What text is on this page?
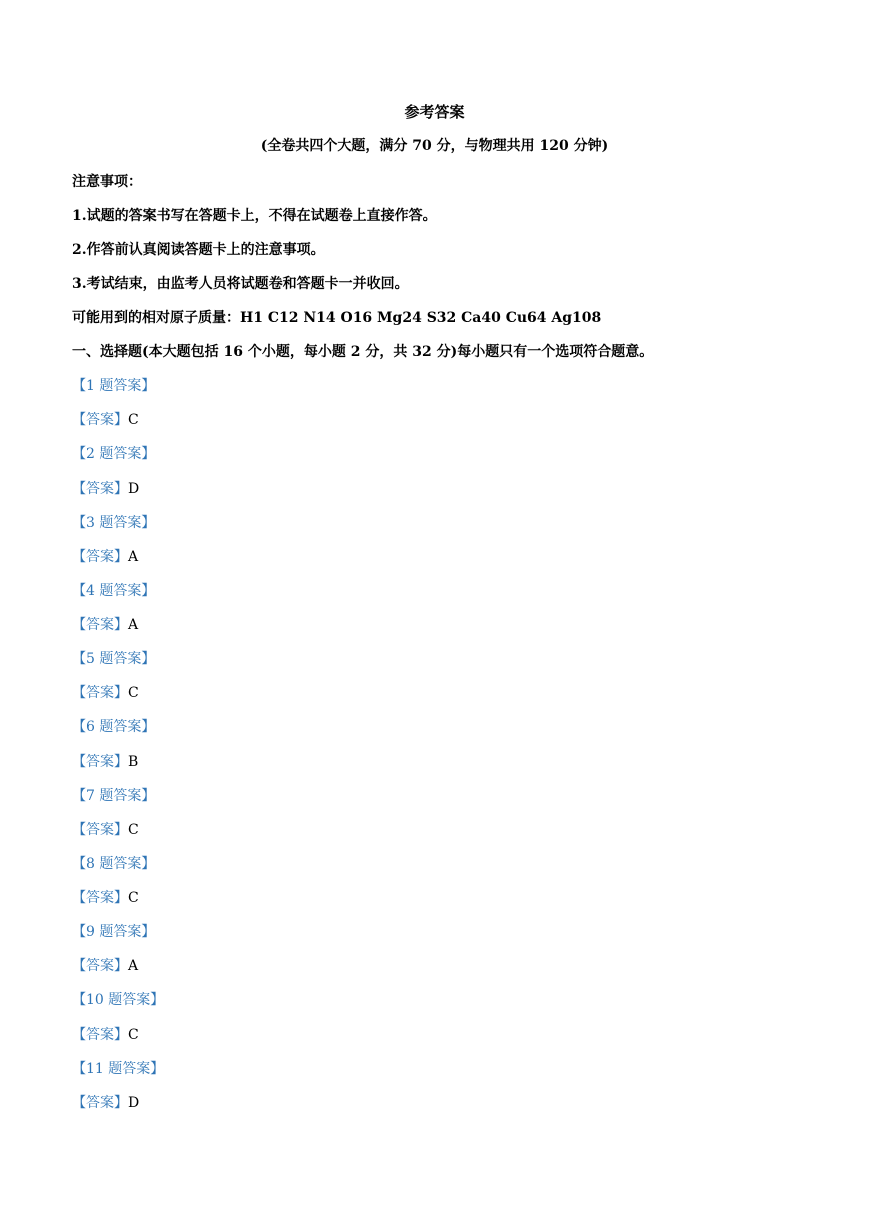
参考答案
(全卷共四个大题，满分 70 分，与物理共用 120 分钟)
注意事项：
1.试题的答案书写在答题卡上，不得在试题卷上直接作答。
2.作答前认真阅读答题卡上的注意事项。
3.考试结束，由监考人员将试题卷和答题卡一并收回。
可能用到的相对原子质量：H1 C12 N14 O16 Mg24 S32 Ca40 Cu64 Ag108
一、选择题(本大题包括 16 个小题，每小题 2 分，共 32 分)每小题只有一个选项符合题意。
【1 题答案】
【答案】C
【2 题答案】
【答案】D
【3 题答案】
【答案】A
【4 题答案】
【答案】A
【5 题答案】
【答案】C
【6 题答案】
【答案】B
【7 题答案】
【答案】C
【8 题答案】
【答案】C
【9 题答案】
【答案】A
【10 题答案】
【答案】C
【11 题答案】
【答案】D
